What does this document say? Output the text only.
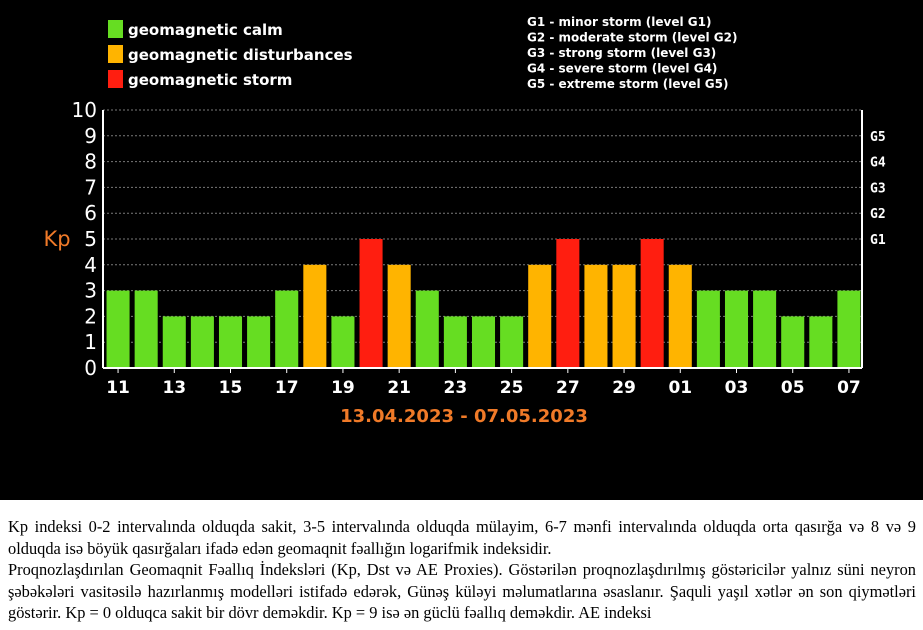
geomagnetic calm
geomagnetic disturbances
geomagnetic storm
G1 - minor storm (level G1)
G2 - moderate storm (level G2)
G3 - strong storm (level G3)
G4 - severe storm (level G4)
G5 - extreme storm (level G5)
0
1
2
3
4
5
6
7
8
9
10
G1
G2
G3
G4
G5
11 13 15 17 19 21 23 25 27 29 01 03 05 07
Kp
13.04.2023 - 07.05.2023

Kp indeksi 0-2 intervalında olduqda sakit, 3-5 intervalında olduqda mülayim, 6-7 mənfi intervalında olduqda orta qasırğa və 8 və 9 olduqda isə böyük qasırğaları ifadə edən geomaqnit fəallığın logarifmik indeksidir.

Proqnozlaşdırılan Geomaqnit Fəallıq İndeksləri (Kp, Dst və AE Proxies). Göstərilən proqnozlaşdırılmış göstəricilər yalnız süni neyron şəbəkələri vasitəsilə hazırlanmış modelləri istifadə edərək, Günəş küləyi məlumatlarına əsaslanır. Şaquli yaşıl xətlər ən son qiymətləri göstərir. Kp = 0 olduqca sakit bir dövr deməkdir. Kp = 9 isə ən güclü fəallıq deməkdir. AE indeksi
